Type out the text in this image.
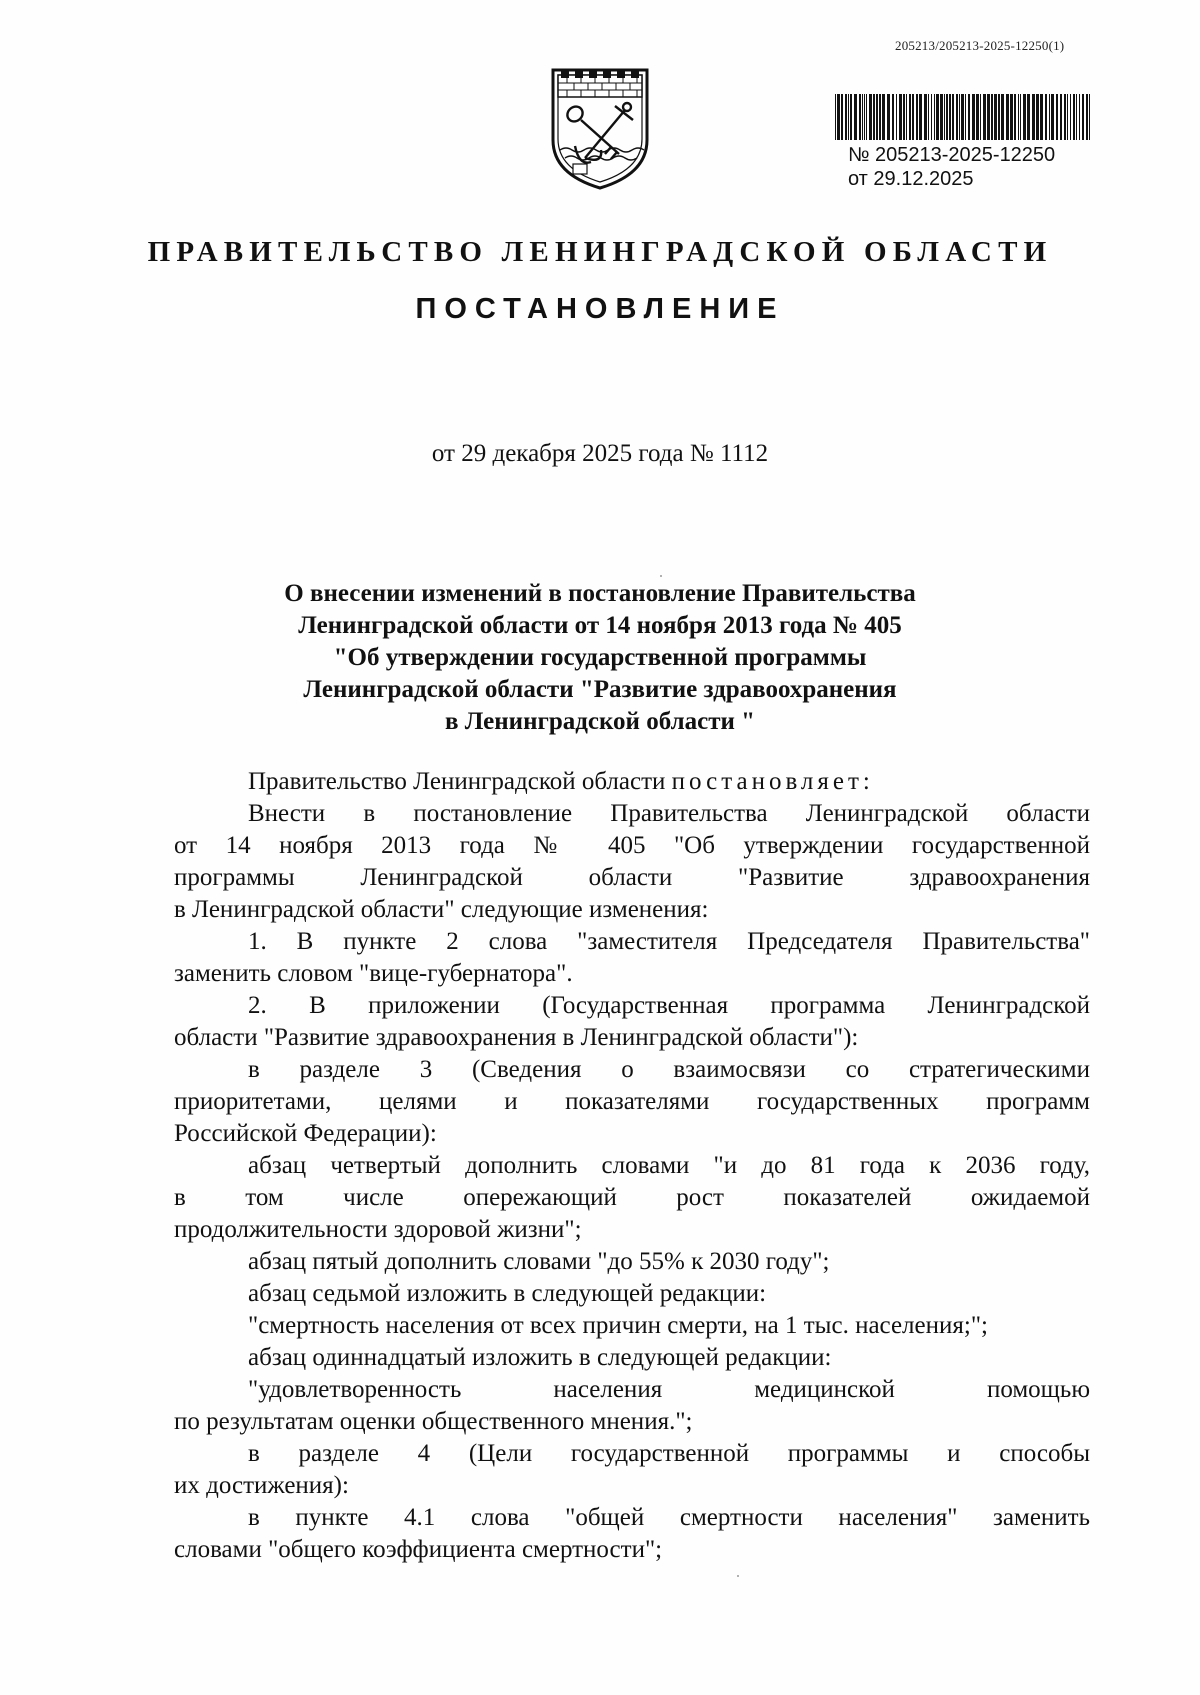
205213/205213-2025-12250(1)
№ 205213-2025-12250
от 29.12.2025
ПРАВИТЕЛЬСТВО ЛЕНИНГРАДСКОЙ ОБЛАСТИ
ПОСТАНОВЛЕНИЕ
от 29 декабря 2025 года № 1112
О внесении изменений в постановление Правительства
Ленинградской области от 14 ноября 2013 года № 405
"Об утверждении государственной программы
Ленинградской области "Развитие здравоохранения
в Ленинградской области "
Правительство Ленинградской области постановляет:
Внести в постановление Правительства Ленинградской области
от 14 ноября 2013 года № 405 "Об утверждении государственной
программы Ленинградской области "Развитие здравоохранения
в Ленинградской области" следующие изменения:
1. В пункте 2 слова "заместителя Председателя Правительства"
заменить словом "вице-губернатора".
2. В приложении (Государственная программа Ленинградской
области "Развитие здравоохранения в Ленинградской области"):
в разделе 3 (Сведения о взаимосвязи со стратегическими
приоритетами, целями и показателями государственных программ
Российской Федерации):
абзац четвертый дополнить словами "и до 81 года к 2036 году,
в том числе опережающий рост показателей ожидаемой
продолжительности здоровой жизни";
абзац пятый дополнить словами "до 55% к 2030 году";
абзац седьмой изложить в следующей редакции:
"смертность населения от всех причин смерти, на 1 тыс. населения;";
абзац одиннадцатый изложить в следующей редакции:
"удовлетворенность населения медицинской помощью
по результатам оценки общественного мнения.";
в разделе 4 (Цели государственной программы и способы
их достижения):
в пункте 4.1 слова "общей смертности населения" заменить
словами "общего коэффициента смертности";
